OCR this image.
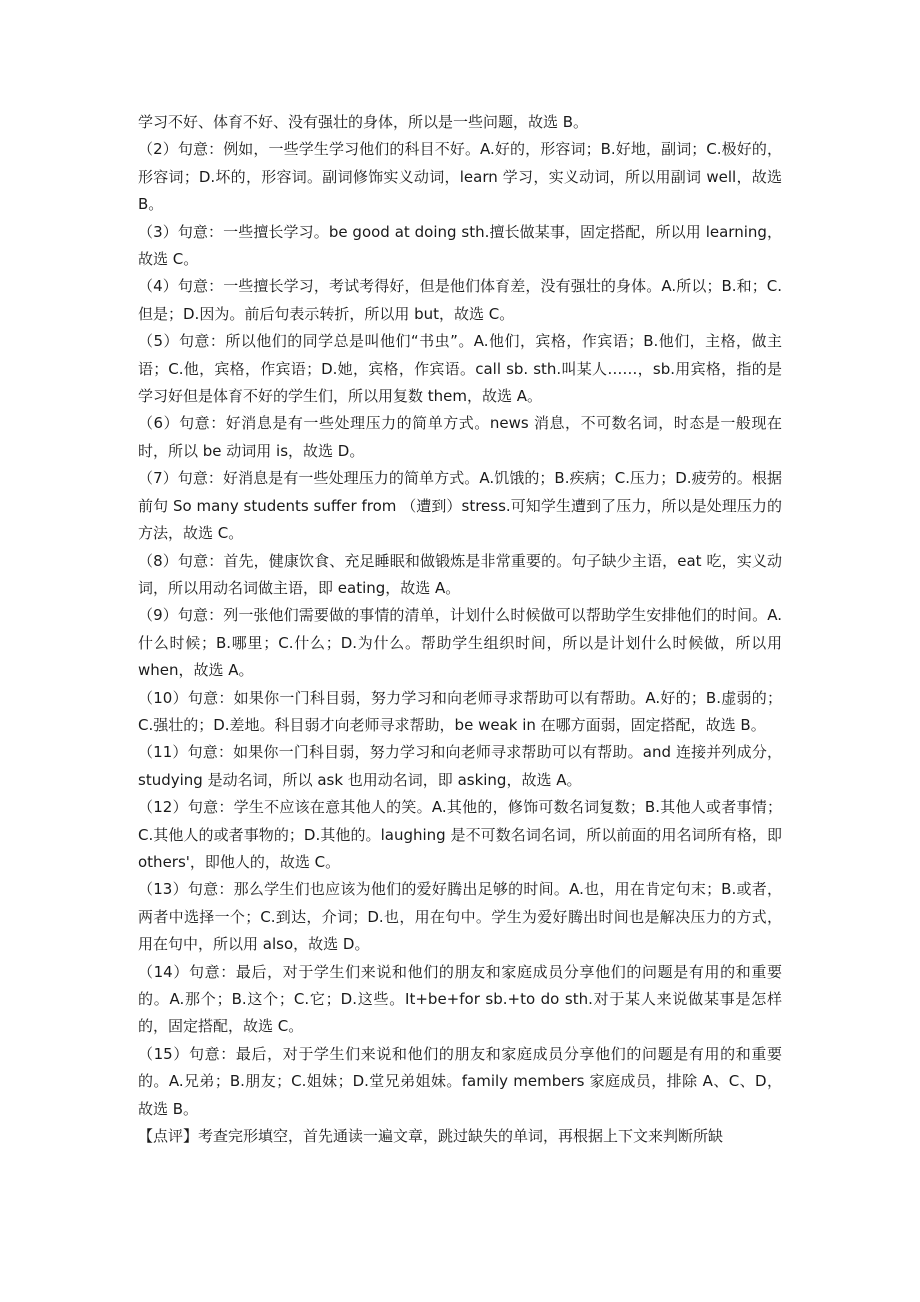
学习不好、体育不好、没有强壮的身体，所以是一些问题，故选 B。

（2）句意：例如，一些学生学习他们的科目不好。A.好的，形容词；B.好地，副词；C.极好的，形容词；D.坏的，形容词。副词修饰实义动词，learn 学习，实义动词，所以用副词 well，故选 B。

（3）句意：一些擅长学习。be good at doing sth.擅长做某事，固定搭配，所以用 learning，故选 C。

（4）句意：一些擅长学习，考试考得好，但是他们体育差，没有强壮的身体。A.所以；B.和；C.但是；D.因为。前后句表示转折，所以用 but，故选 C。

（5）句意：所以他们的同学总是叫他们“书虫”。A.他们，宾格，作宾语；B.他们，主格，做主语；C.他，宾格，作宾语；D.她，宾格，作宾语。call sb. sth.叫某人……，sb.用宾格，指的是学习好但是体育不好的学生们，所以用复数 them，故选 A。

（6）句意：好消息是有一些处理压力的简单方式。news 消息，不可数名词，时态是一般现在时，所以 be 动词用 is，故选 D。

（7）句意：好消息是有一些处理压力的简单方式。A.饥饿的；B.疾病；C.压力；D.疲劳的。根据前句 So many students suffer from （遭到）stress.可知学生遭到了压力，所以是处理压力的方法，故选 C。

（8）句意：首先，健康饮食、充足睡眠和做锻炼是非常重要的。句子缺少主语，eat 吃，实义动词，所以用动名词做主语，即 eating，故选 A。

（9）句意：列一张他们需要做的事情的清单，计划什么时候做可以帮助学生安排他们的时间。A.什么时候；B.哪里；C.什么；D.为什么。帮助学生组织时间，所以是计划什么时候做，所以用 when，故选 A。

（10）句意：如果你一门科目弱，努力学习和向老师寻求帮助可以有帮助。A.好的；B.虚弱的；C.强壮的；D.差地。科目弱才向老师寻求帮助，be weak in 在哪方面弱，固定搭配，故选 B。

（11）句意：如果你一门科目弱，努力学习和向老师寻求帮助可以有帮助。and 连接并列成分，studying 是动名词，所以 ask 也用动名词，即 asking，故选 A。

（12）句意：学生不应该在意其他人的笑。A.其他的，修饰可数名词复数；B.其他人或者事情；C.其他人的或者事物的；D.其他的。laughing 是不可数名词名词，所以前面的用名词所有格，即 others'，即他人的，故选 C。

（13）句意：那么学生们也应该为他们的爱好腾出足够的时间。A.也，用在肯定句末；B.或者，两者中选择一个；C.到达，介词；D.也，用在句中。学生为爱好腾出时间也是解决压力的方式，用在句中，所以用 also，故选 D。

（14）句意：最后，对于学生们来说和他们的朋友和家庭成员分享他们的问题是有用的和重要的。A.那个；B.这个；C.它；D.这些。It+be+for sb.+to do sth.对于某人来说做某事是怎样的，固定搭配，故选 C。

（15）句意：最后，对于学生们来说和他们的朋友和家庭成员分享他们的问题是有用的和重要的。A.兄弟；B.朋友；C.姐妹；D.堂兄弟姐妹。family members 家庭成员，排除 A、C、D，故选 B。

【点评】考查完形填空，首先通读一遍文章，跳过缺失的单词，再根据上下文来判断所缺
